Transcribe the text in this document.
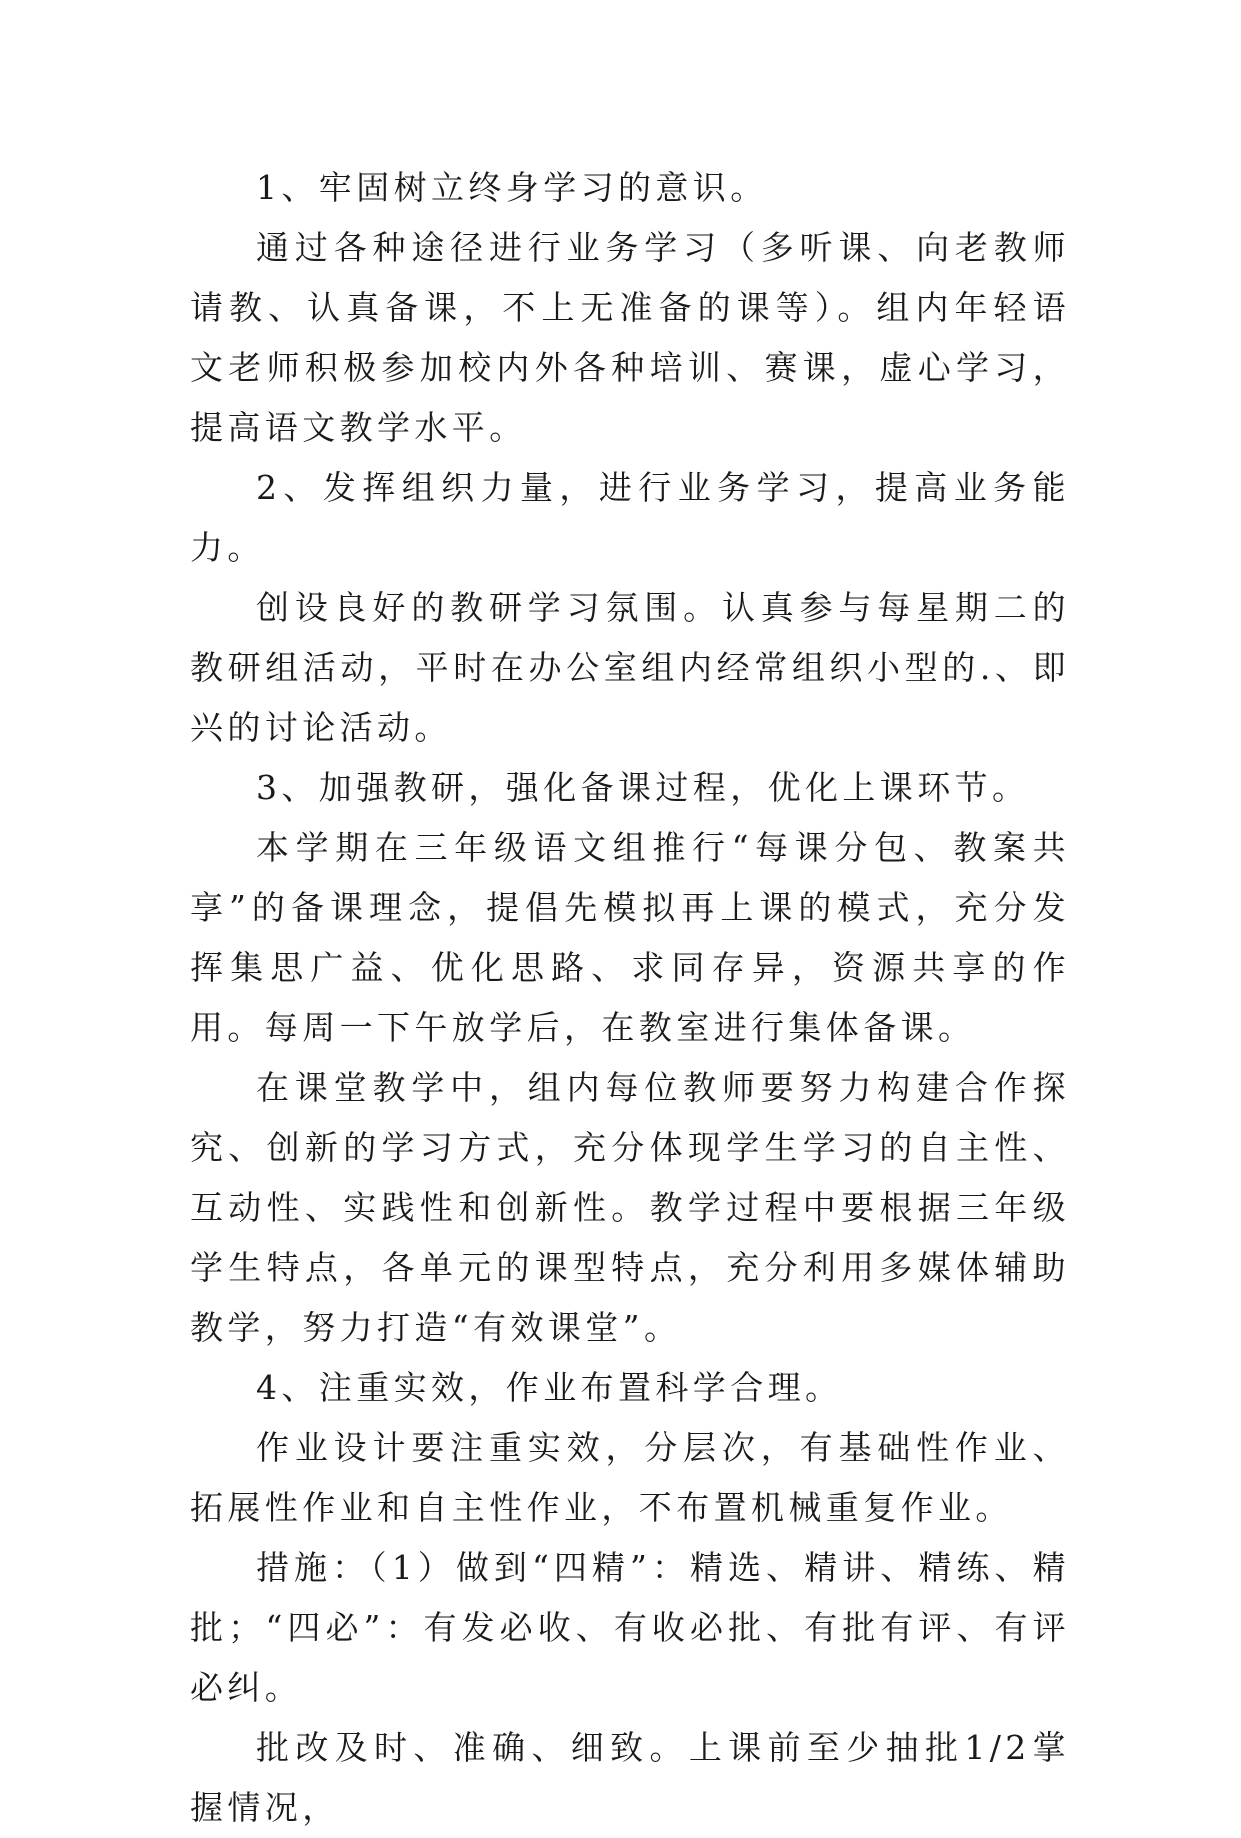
1、牢固树立终身学习的意识。

通过各种途径进行业务学习（多听课、向老教师请教、认真备课，不上无准备的课等）。组内年轻语文老师积极参加校内外各种培训、赛课，虚心学习，提高语文教学水平。

2、发挥组织力量，进行业务学习，提高业务能力。

创设良好的教研学习氛围。认真参与每星期二的教研组活动，平时在办公室组内经常组织小型的.、即兴的讨论活动。

3、加强教研，强化备课过程，优化上课环节。

本学期在三年级语文组推行“每课分包、教案共享”的备课理念，提倡先模拟再上课的模式，充分发挥集思广益、优化思路、求同存异，资源共享的作用。每周一下午放学后，在教室进行集体备课。

在课堂教学中，组内每位教师要努力构建合作探究、创新的学习方式，充分体现学生学习的自主性、互动性、实践性和创新性。教学过程中要根据三年级学生特点，各单元的课型特点，充分利用多媒体辅助教学，努力打造“有效课堂”。

4、注重实效，作业布置科学合理。

作业设计要注重实效，分层次，有基础性作业、拓展性作业和自主性作业，不布置机械重复作业。

措施：（1）做到“四精”：精选、精讲、精练、精批；“四必”：有发必收、有收必批、有批有评、有评必纠。

批改及时、准确、细致。上课前至少抽批1/2掌握情况，
